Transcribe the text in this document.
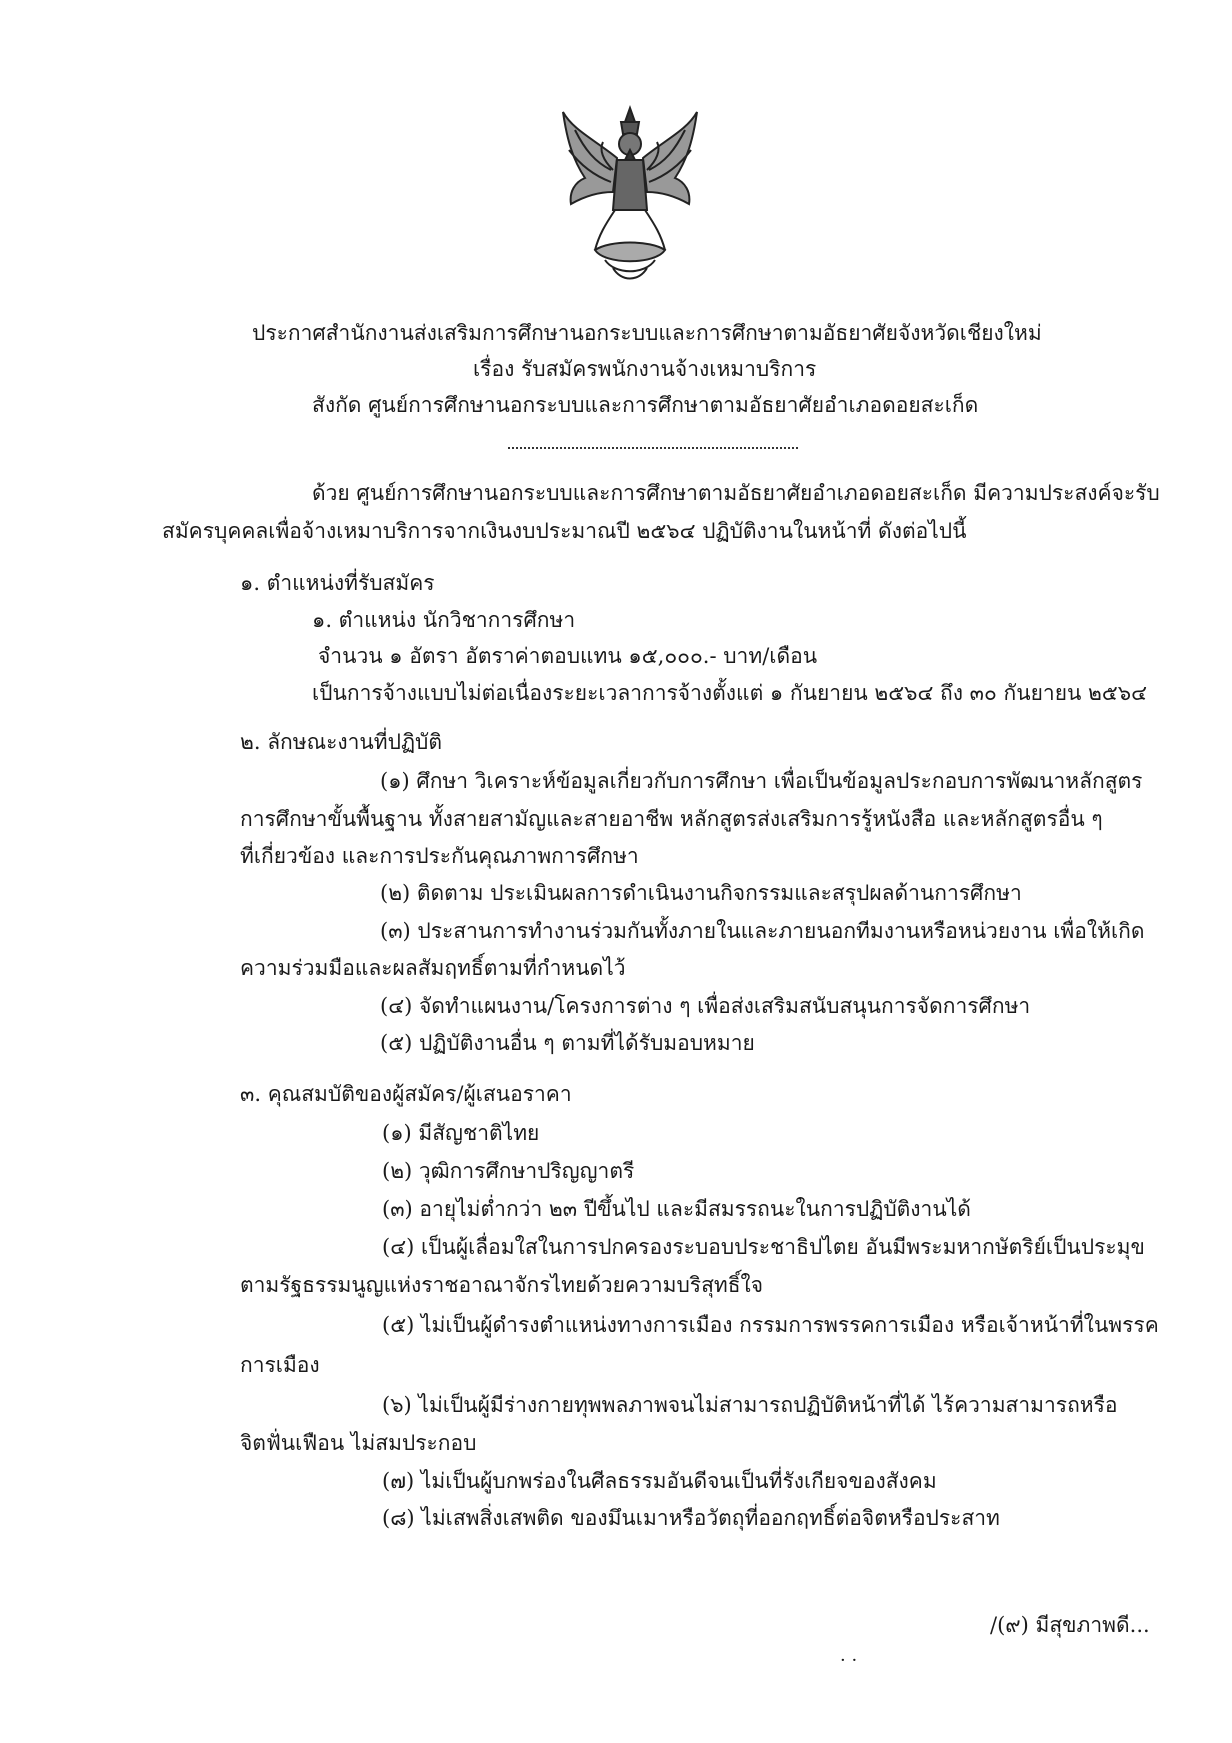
ประกาศสำนักงานส่งเสริมการศึกษานอกระบบและการศึกษาตามอัธยาศัยจังหวัดเชียงใหม่
เรื่อง รับสมัครพนักงานจ้างเหมาบริการ
สังกัด ศูนย์การศึกษานอกระบบและการศึกษาตามอัธยาศัยอำเภอดอยสะเก็ด
ด้วย ศูนย์การศึกษานอกระบบและการศึกษาตามอัธยาศัยอำเภอดอยสะเก็ด มีความประสงค์จะรับ
สมัครบุคคลเพื่อจ้างเหมาบริการจากเงินงบประมาณปี ๒๕๖๔ ปฏิบัติงานในหน้าที่ ดังต่อไปนี้
๑. ตำแหน่งที่รับสมัคร
๑. ตำแหน่ง นักวิชาการศึกษา
จำนวน ๑ อัตรา อัตราค่าตอบแทน ๑๕,๐๐๐.- บาท/เดือน
เป็นการจ้างแบบไม่ต่อเนื่องระยะเวลาการจ้างตั้งแต่ ๑ กันยายน ๒๕๖๔ ถึง ๓๐ กันยายน ๒๕๖๔
๒. ลักษณะงานที่ปฏิบัติ
(๑) ศึกษา วิเคราะห์ข้อมูลเกี่ยวกับการศึกษา เพื่อเป็นข้อมูลประกอบการพัฒนาหลักสูตร
การศึกษาขั้นพื้นฐาน ทั้งสายสามัญและสายอาชีพ หลักสูตรส่งเสริมการรู้หนังสือ และหลักสูตรอื่น ๆ
ที่เกี่ยวข้อง และการประกันคุณภาพการศึกษา
(๒) ติดตาม ประเมินผลการดำเนินงานกิจกรรมและสรุปผลด้านการศึกษา
(๓) ประสานการทำงานร่วมกันทั้งภายในและภายนอกทีมงานหรือหน่วยงาน เพื่อให้เกิด
ความร่วมมือและผลสัมฤทธิ์ตามที่กำหนดไว้
(๔) จัดทำแผนงาน/โครงการต่าง ๆ เพื่อส่งเสริมสนับสนุนการจัดการศึกษา
(๕) ปฏิบัติงานอื่น ๆ ตามที่ได้รับมอบหมาย
๓. คุณสมบัติของผู้สมัคร/ผู้เสนอราคา
(๑) มีสัญชาติไทย
(๒) วุฒิการศึกษาปริญญาตรี
(๓) อายุไม่ต่ำกว่า ๒๓ ปีขึ้นไป และมีสมรรถนะในการปฏิบัติงานได้
(๔) เป็นผู้เลื่อมใสในการปกครองระบอบประชาธิปไตย อันมีพระมหากษัตริย์เป็นประมุข
ตามรัฐธรรมนูญแห่งราชอาณาจักรไทยด้วยความบริสุทธิ์ใจ
(๕) ไม่เป็นผู้ดำรงตำแหน่งทางการเมือง กรรมการพรรคการเมือง หรือเจ้าหน้าที่ในพรรค
การเมือง
(๖) ไม่เป็นผู้มีร่างกายทุพพลภาพจนไม่สามารถปฏิบัติหน้าที่ได้ ไร้ความสามารถหรือ
จิตฟั่นเฟือน ไม่สมประกอบ
(๗) ไม่เป็นผู้บกพร่องในศีลธรรมอันดีจนเป็นที่รังเกียจของสังคม
(๘) ไม่เสพสิ่งเสพติด ของมึนเมาหรือวัตถุที่ออกฤทธิ์ต่อจิตหรือประสาท
/(๙) มีสุขภาพดี...
· ·
